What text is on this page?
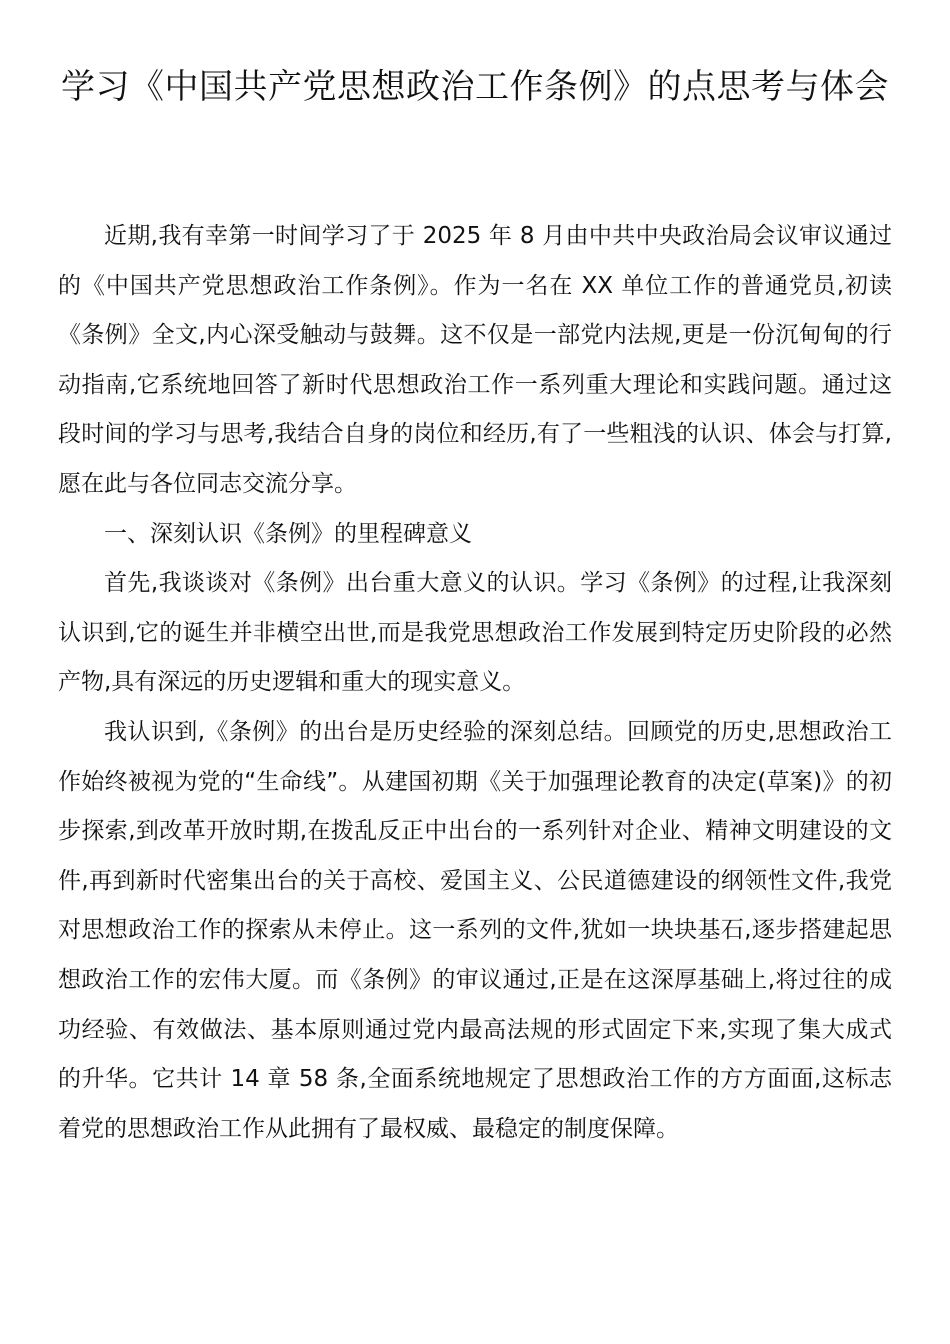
学习《中国共产党思想政治工作条例》的点思考与体会

近期,我有幸第一时间学习了于 2025 年 8 月由中共中央政治局会议审议通过的《中国共产党思想政治工作条例》。作为一名在 XX 单位工作的普通党员,初读《条例》全文,内心深受触动与鼓舞。这不仅是一部党内法规,更是一份沉甸甸的行动指南,它系统地回答了新时代思想政治工作一系列重大理论和实践问题。通过这段时间的学习与思考,我结合自身的岗位和经历,有了一些粗浅的认识、体会与打算,愿在此与各位同志交流分享。

一、深刻认识《条例》的里程碑意义

首先,我谈谈对《条例》出台重大意义的认识。学习《条例》的过程,让我深刻认识到,它的诞生并非横空出世,而是我党思想政治工作发展到特定历史阶段的必然产物,具有深远的历史逻辑和重大的现实意义。

我认识到,《条例》的出台是历史经验的深刻总结。回顾党的历史,思想政治工作始终被视为党的“生命线”。从建国初期《关于加强理论教育的决定(草案)》的初步探索,到改革开放时期,在拨乱反正中出台的一系列针对企业、精神文明建设的文件,再到新时代密集出台的关于高校、爱国主义、公民道德建设的纲领性文件,我党对思想政治工作的探索从未停止。这一系列的文件,犹如一块块基石,逐步搭建起思想政治工作的宏伟大厦。而《条例》的审议通过,正是在这深厚基础上,将过往的成功经验、有效做法、基本原则通过党内最高法规的形式固定下来,实现了集大成式的升华。它共计 14 章 58 条,全面系统地规定了思想政治工作的方方面面,这标志着党的思想政治工作从此拥有了最权威、最稳定的制度保障。
